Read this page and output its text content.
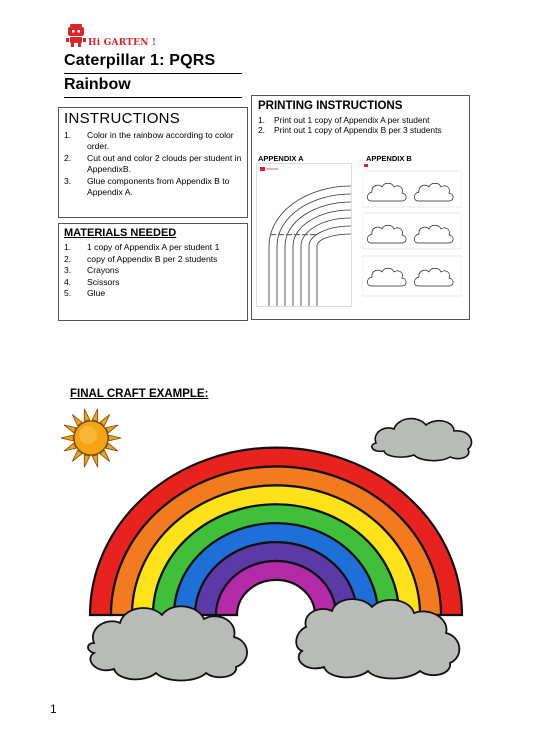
Hi GARTEN !
Caterpillar 1: PQRS
Rainbow
INSTRUCTIONS
1.	Color in the rainbow according to color order.
2.	Cut out and color 2 clouds per student in AppendixB.
3.	Glue components from Appendix B to Appendix A.
MATERIALS NEEDED
1.	1 copy of Appendix A per student 1
2.	copy of Appendix B per 2 students
3.	Crayons
4.	Scissors
5.	Glue
PRINTING INSTRUCTIONS
1.	Print out 1 copy of Appendix A per student
2.	Print out 1 copy of Appendix B per 3 students
APPENDIX A	APPENDIX B
FINAL CRAFT EXAMPLE:
1
